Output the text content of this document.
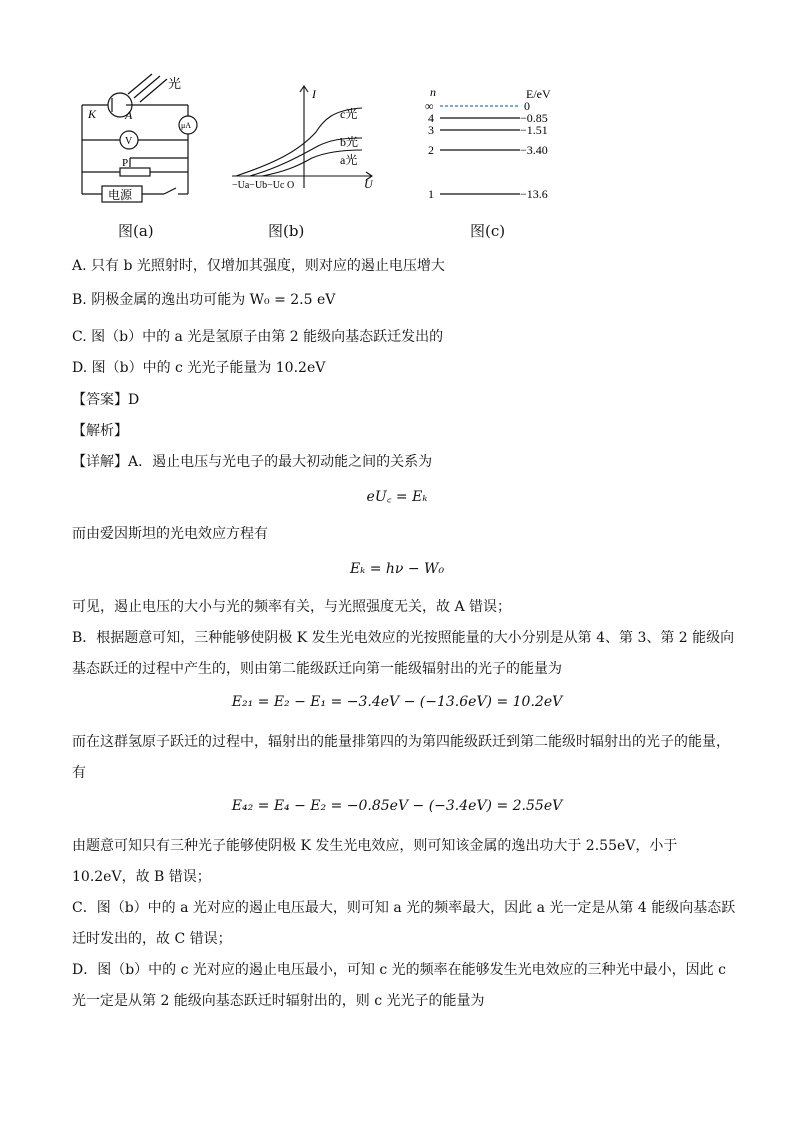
光
K A
μA
V
P
电源
图(a)
I
U
c光
b光
a光
−Ua−Ub−Uc O
图(b)
n	E/eV
∞	0
4	−0.85
3	−1.51
2	−3.40
1	−13.6
图(c)
A. 只有 b 光照射时，仅增加其强度，则对应的遏止电压增大
B. 阴极金属的逸出功可能为 W₀ = 2.5 eV
C. 图（b）中的 a 光是氢原子由第 2 能级向基态跃迁发出的
D. 图（b）中的 c 光光子能量为 10.2eV
【答案】D
【解析】
【详解】A．遏止电压与光电子的最大初动能之间的关系为
eU꜀ = Eₖ
而由爱因斯坦的光电效应方程有
Eₖ = hν − W₀
可见，遏止电压的大小与光的频率有关，与光照强度无关，故 A 错误；
B．根据题意可知，三种能够使阴极 K 发生光电效应的光按照能量的大小分别是从第 4、第 3、第 2 能级向
基态跃迁的过程中产生的，则由第二能级跃迁向第一能级辐射出的光子的能量为
E₂₁ = E₂ − E₁ = −3.4eV − (−13.6eV) = 10.2eV
而在这群氢原子跃迁的过程中，辐射出的能量排第四的为第四能级跃迁到第二能级时辐射出的光子的能量，
有
E₄₂ = E₄ − E₂ = −0.85eV − (−3.4eV) = 2.55eV
由题意可知只有三种光子能够使阴极 K 发生光电效应，则可知该金属的逸出功大于 2.55eV，小于
10.2eV，故 B 错误；
C．图（b）中的 a 光对应的遏止电压最大，则可知 a 光的频率最大，因此 a 光一定是从第 4 能级向基态跃
迁时发出的，故 C 错误；
D．图（b）中的 c 光对应的遏止电压最小，可知 c 光的频率在能够发生光电效应的三种光中最小，因此 c
光一定是从第 2 能级向基态跃迁时辐射出的，则 c 光光子的能量为
